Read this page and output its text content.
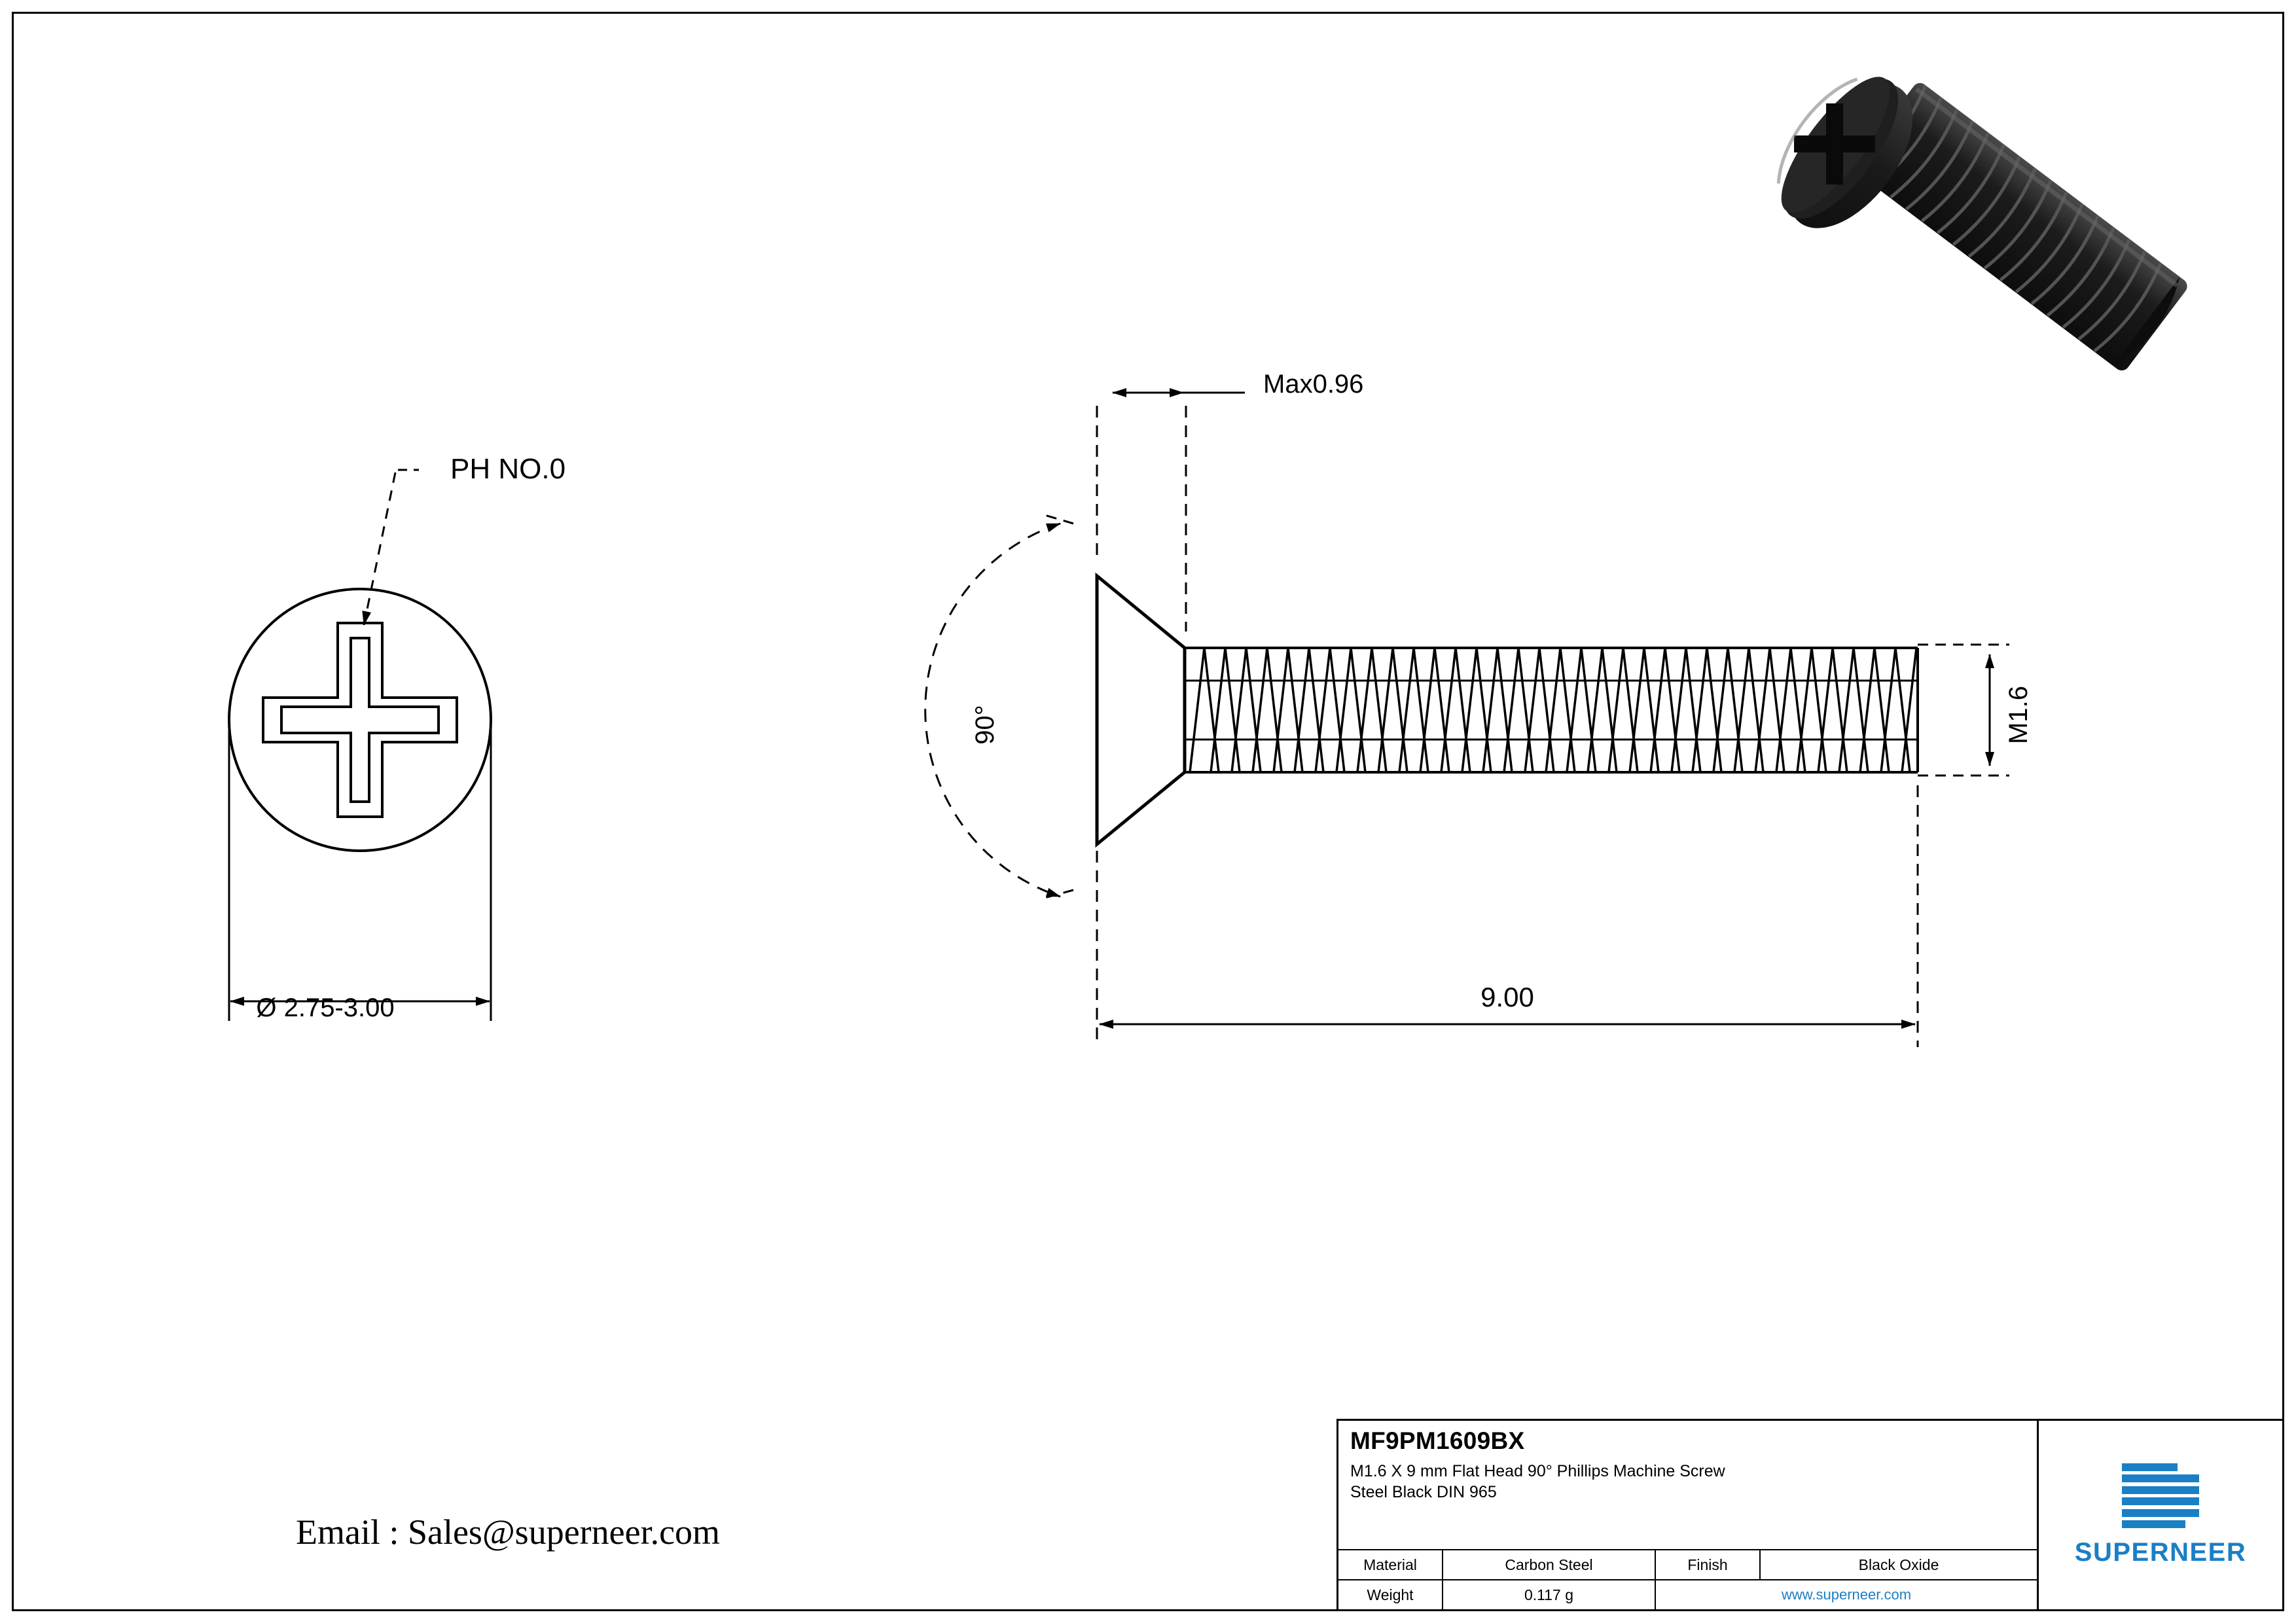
PH NO.0
Ø 2.75-3.00
Max0.96
90°	M1.6
9.00
Email : Sales@superneer.com
MF9PM1609BX
M1.6 X 9 mm Flat Head 90° Phillips Machine Screw
Steel Black DIN 965
Material	Carbon Steel	Finish	Black Oxide
Weight	0.117 g	www.superneer.com
SUPERNEER
